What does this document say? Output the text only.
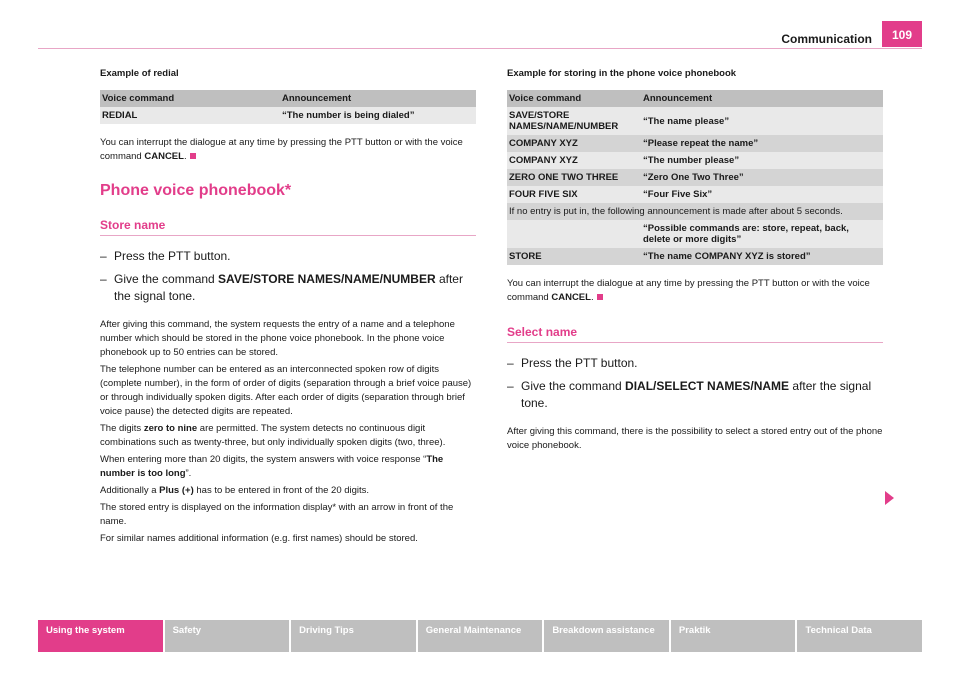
Communication	109
Example of redial
Voice command	Announcement
REDIAL	“The number is being dialed”

You can interrupt the dialogue at any time by pressing the PTT button or with the voice command CANCEL.

Phone voice phonebook*
Store name
– Press the PTT button.
– Give the command SAVE/STORE NAMES/NAME/NUMBER after the signal tone.

After giving this command, the system requests the entry of a name and a telephone number which should be stored in the phone voice phonebook. In the phone voice phonebook up to 50 entries can be stored.

The telephone number can be entered as an interconnected spoken row of digits (complete number), in the form of order of digits (separation through a brief voice pause) or through individually spoken digits. After each order of digits (separation through brief voice pause) the detected digits are repeated.

The digits zero to nine are permitted. The system detects no continuous digit combinations such as twenty-three, but only individually spoken digits (two, three).

When entering more than 20 digits, the system answers with voice response “The number is too long”.

Additionally a Plus (+) has to be entered in front of the 20 digits.

The stored entry is displayed on the information display* with an arrow in front of the name.

For similar names additional information (e.g. first names) should be stored.

Example for storing in the phone voice phonebook
Voice command	Announcement
SAVE/STORE NAMES/NAME/NUMBER	“The name please”
COMPANY XYZ	“Please repeat the name”
COMPANY XYZ	“The number please”
ZERO ONE TWO THREE	“Zero One Two Three”
FOUR FIVE SIX	“Four Five Six”
If no entry is put in, the following announcement is made after about 5 seconds.	
	“Possible commands are: store, repeat, back, delete or more digits”
STORE	“The name COMPANY XYZ is stored”

You can interrupt the dialogue at any time by pressing the PTT button or with the voice command CANCEL.

Select name
– Press the PTT button.
– Give the command DIAL/SELECT NAMES/NAME after the signal tone.

After giving this command, there is the possibility to select a stored entry out of the phone voice phonebook.

Using the system	Safety	Driving Tips	General Maintenance	Breakdown assistance	Praktik	Technical Data
